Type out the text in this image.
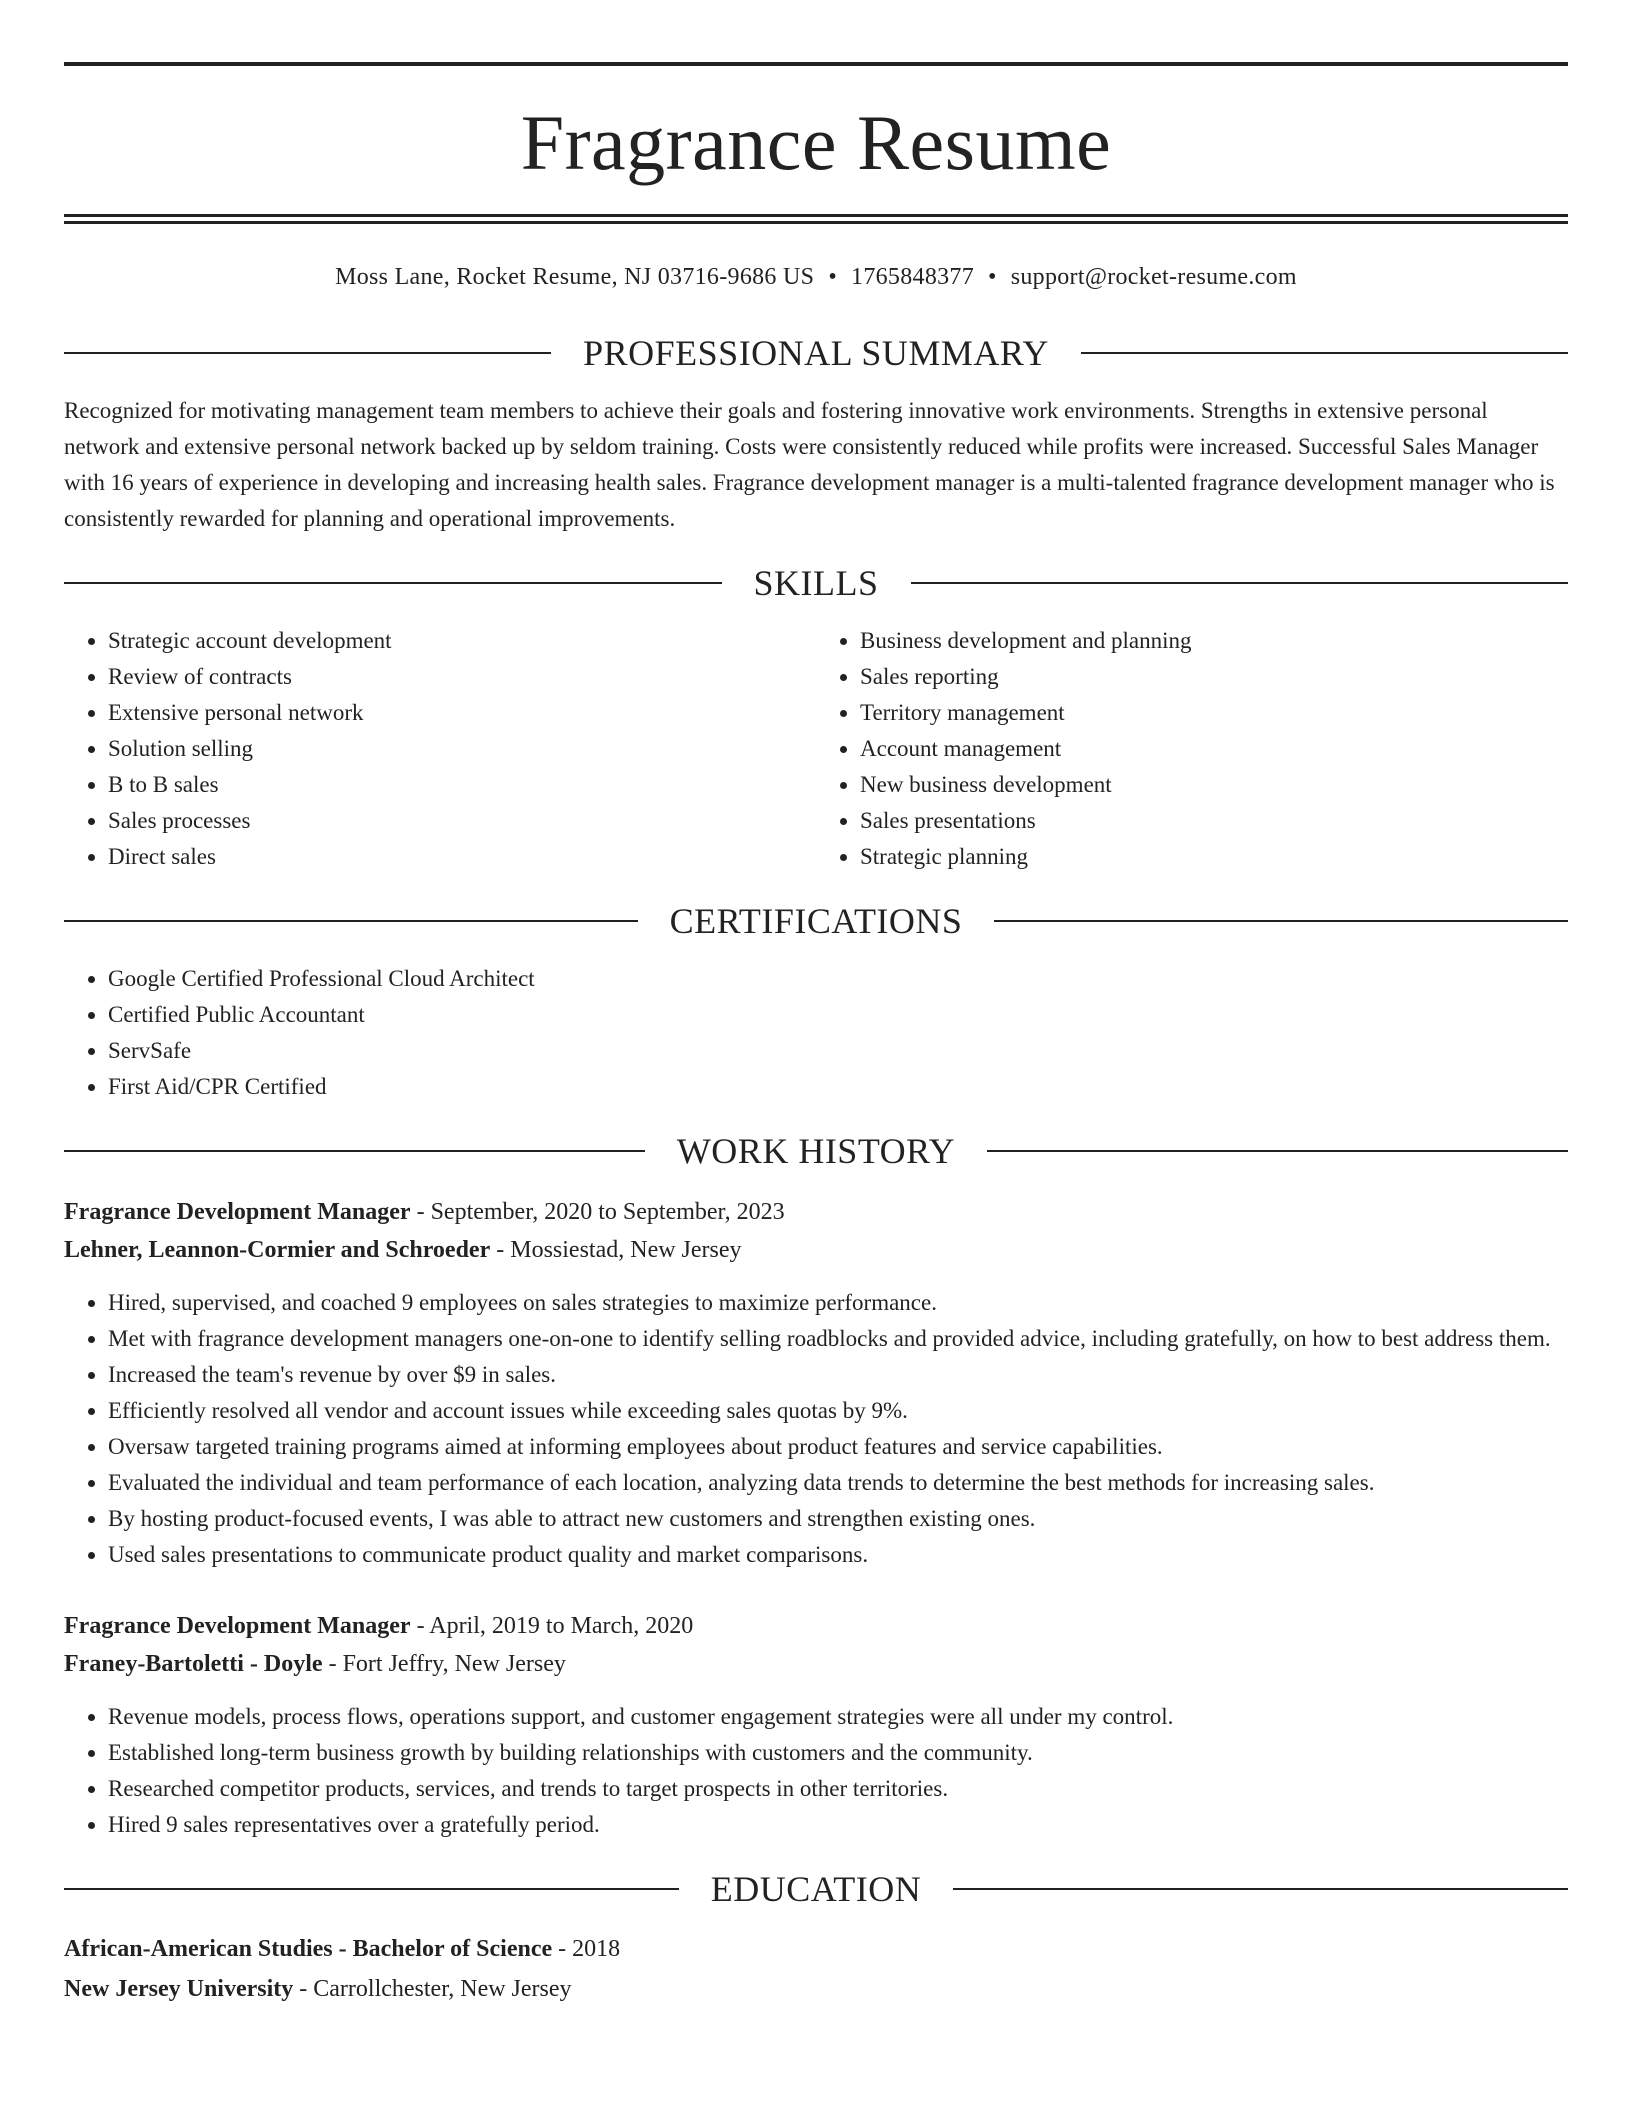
Fragrance Resume
Moss Lane, Rocket Resume, NJ 03716-9686 US • 1765848377 • support@rocket-resume.com
PROFESSIONAL SUMMARY

Recognized for motivating management team members to achieve their goals and fostering innovative work environments. Strengths in extensive personal network and extensive personal network backed up by seldom training. Costs were consistently reduced while profits were increased. Successful Sales Manager with 16 years of experience in developing and increasing health sales. Fragrance development manager is a multi-talented fragrance development manager who is consistently rewarded for planning and operational improvements.

SKILLS
• Strategic account development
• Review of contracts
• Extensive personal network
• Solution selling
• B to B sales
• Sales processes
• Direct sales
• Business development and planning
• Sales reporting
• Territory management
• Account management
• New business development
• Sales presentations
• Strategic planning
CERTIFICATIONS
• Google Certified Professional Cloud Architect
• Certified Public Accountant
• ServSafe
• First Aid/CPR Certified
WORK HISTORY
Fragrance Development Manager - September, 2020 to September, 2023
Lehner, Leannon-Cormier and Schroeder - Mossiestad, New Jersey
• Hired, supervised, and coached 9 employees on sales strategies to maximize performance.
• Met with fragrance development managers one-on-one to identify selling roadblocks and provided advice, including gratefully, on how to best address them.
• Increased the team's revenue by over $9 in sales.
• Efficiently resolved all vendor and account issues while exceeding sales quotas by 9%.
• Oversaw targeted training programs aimed at informing employees about product features and service capabilities.
• Evaluated the individual and team performance of each location, analyzing data trends to determine the best methods for increasing sales.
• By hosting product-focused events, I was able to attract new customers and strengthen existing ones.
• Used sales presentations to communicate product quality and market comparisons.
Fragrance Development Manager - April, 2019 to March, 2020
Franey-Bartoletti - Doyle - Fort Jeffry, New Jersey
• Revenue models, process flows, operations support, and customer engagement strategies were all under my control.
• Established long-term business growth by building relationships with customers and the community.
• Researched competitor products, services, and trends to target prospects in other territories.
• Hired 9 sales representatives over a gratefully period.
EDUCATION
African-American Studies - Bachelor of Science - 2018
New Jersey University - Carrollchester, New Jersey
